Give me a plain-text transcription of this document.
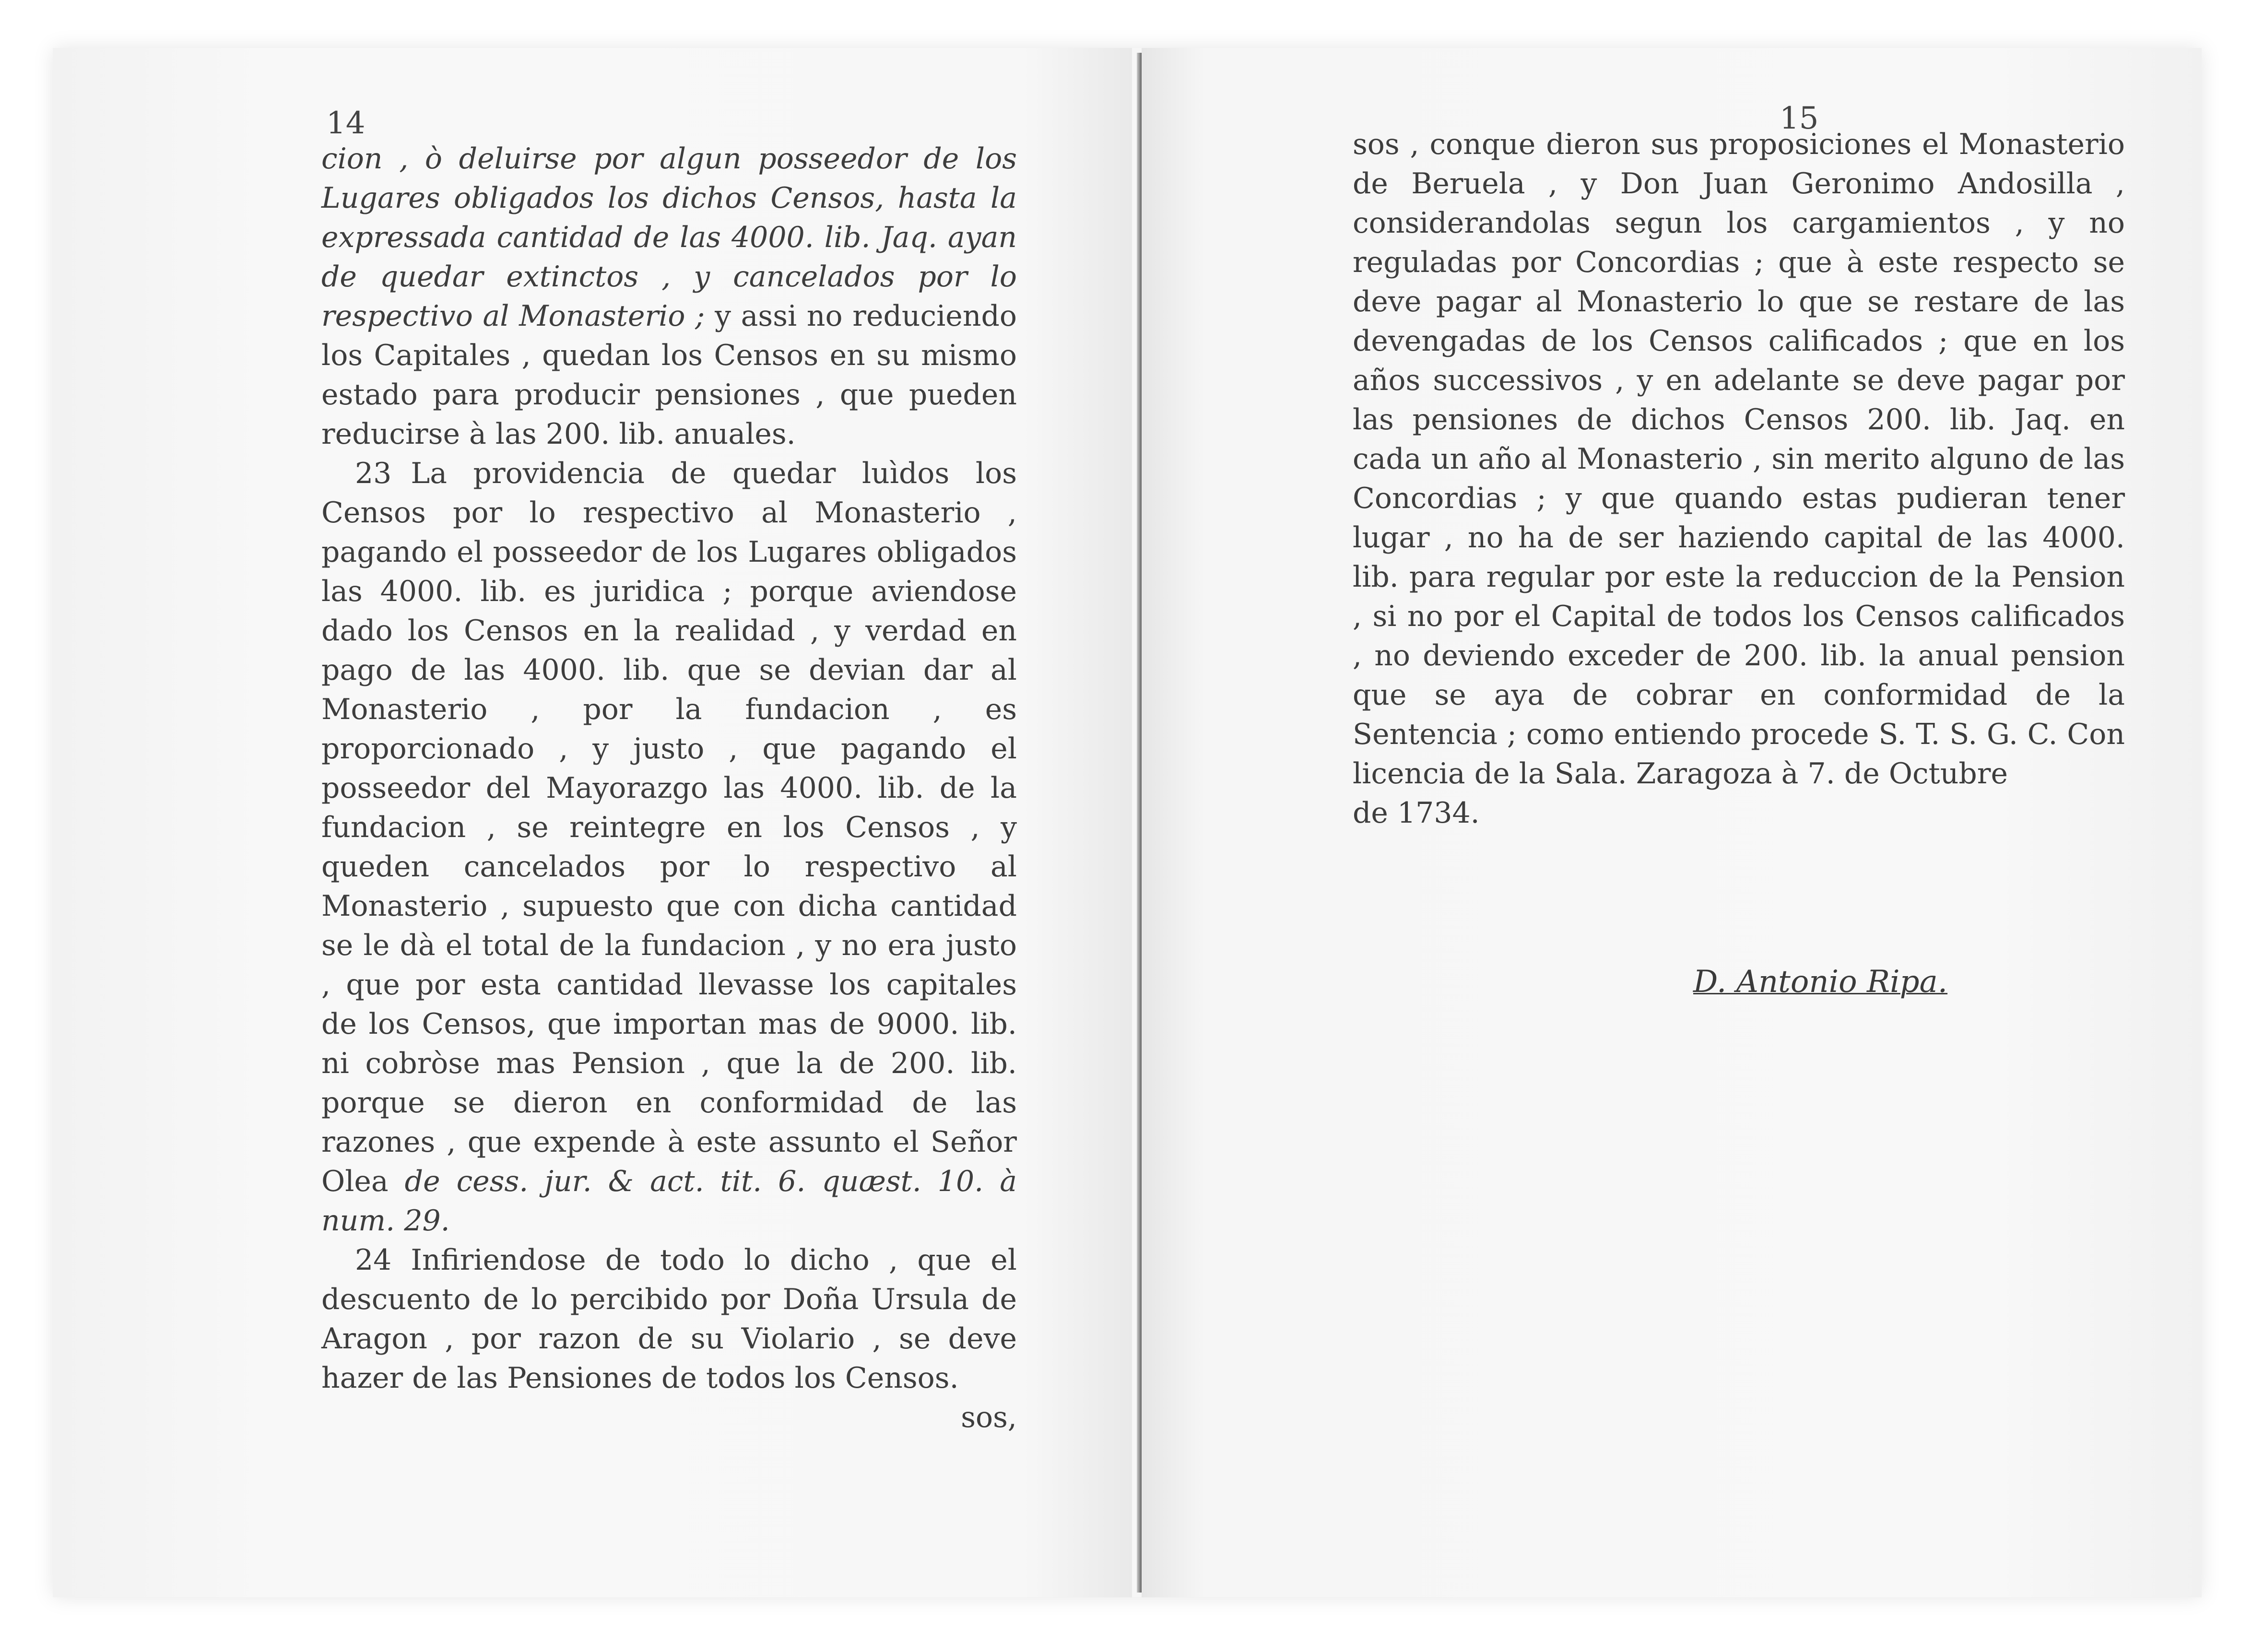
14

cion , ò deluirse por algun posseedor de los Lugares obligados los dichos Censos, hasta la expressada cantidad de las 4000. lib. Jaq. ayan de quedar extinctos , y cancelados por lo respectivo al Monasterio ; y assi no reduciendo los Capitales , quedan los Censos en su mismo estado para producir pensiones , que pueden reducirse à las 200. lib. anuales.

23 La providencia de quedar luìdos los Censos por lo respectivo al Monasterio , pagando el posseedor de los Lugares obligados las 4000. lib. es juridica ; porque aviendose dado los Censos en la realidad , y verdad en pago de las 4000. lib. que se devian dar al Monasterio , por la fundacion , es proporcionado , y justo , que pagando el posseedor del Mayorazgo las 4000. lib. de la fundacion , se reintegre en los Censos , y queden cancelados por lo respectivo al Monasterio , supuesto que con dicha cantidad se le dà el total de la fundacion , y no era justo , que por esta cantidad llevasse los capitales de los Censos, que importan mas de 9000. lib. ni cobròse mas Pension , que la de 200. lib. porque se dieron en conformidad de las razones , que expende à este assunto el Señor Olea de cess. jur. & act. tit. 6. quæst. 10. à num. 29.

24 Infiriendose de todo lo dicho , que el descuento de lo percibido por Doña Ursula de Aragon , por razon de su Violario , se deve hazer de las Pensiones de todos los Censos.

sos,

15

sos , conque dieron sus proposiciones el Monasterio de Beruela , y Don Juan Geronimo Andosilla , considerandolas segun los cargamientos , y no reguladas por Concordias ; que à este respecto se deve pagar al Monasterio lo que se restare de las devengadas de los Censos calificados ; que en los años successivos , y en adelante se deve pagar por las pensiones de dichos Censos 200. lib. Jaq. en cada un año al Monasterio , sin merito alguno de las Concordias ; y que quando estas pudieran tener lugar , no ha de ser haziendo capital de las 4000. lib. para regular por este la reduccion de la Pension , si no por el Capital de todos los Censos calificados , no deviendo exceder de 200. lib. la anual pension que se aya de cobrar en conformidad de la Sentencia ; como entiendo procede S. T. S. G. C. Con licencia de la Sala. Zaragoza à 7. de Octubre

de 1734.

D. Antonio Ripa.
